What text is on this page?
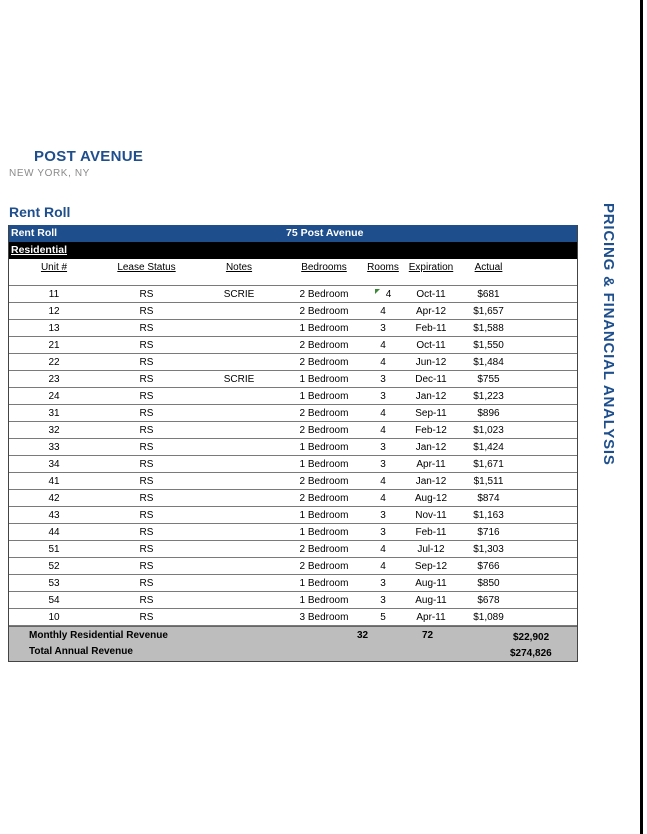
POST AVENUE
NEW YORK, NY
Rent Roll	PRICING & FINANCIAL ANALYSIS
Rent Roll	75 Post Avenue
Residential
Unit #	Lease Status	Notes	Bedrooms	Rooms	Expiration	Actual	

11	RS	SCRIE	2 Bedroom	4	Oct-11	$681	
12	RS		2 Bedroom	4	Apr-12	$1,657	
13	RS		1 Bedroom	3	Feb-11	$1,588	
21	RS		2 Bedroom	4	Oct-11	$1,550	
22	RS		2 Bedroom	4	Jun-12	$1,484	
23	RS	SCRIE	1 Bedroom	3	Dec-11	$755	
24	RS		1 Bedroom	3	Jan-12	$1,223	
31	RS		2 Bedroom	4	Sep-11	$896	
32	RS		2 Bedroom	4	Feb-12	$1,023	
33	RS		1 Bedroom	3	Jan-12	$1,424	
34	RS		1 Bedroom	3	Apr-11	$1,671	
41	RS		2 Bedroom	4	Jan-12	$1,511	
42	RS		2 Bedroom	4	Aug-12	$874	
43	RS		1 Bedroom	3	Nov-11	$1,163	
44	RS		1 Bedroom	3	Feb-11	$716	
51	RS		2 Bedroom	4	Jul-12	$1,303	
52	RS		2 Bedroom	4	Sep-12	$766	
53	RS		1 Bedroom	3	Aug-11	$850	
54	RS		1 Bedroom	3	Aug-11	$678	
10	RS		3 Bedroom	5	Apr-11	$1,089	
Monthly Residential Revenue	32	72	$22,902
Total Annual Revenue	$274,826
